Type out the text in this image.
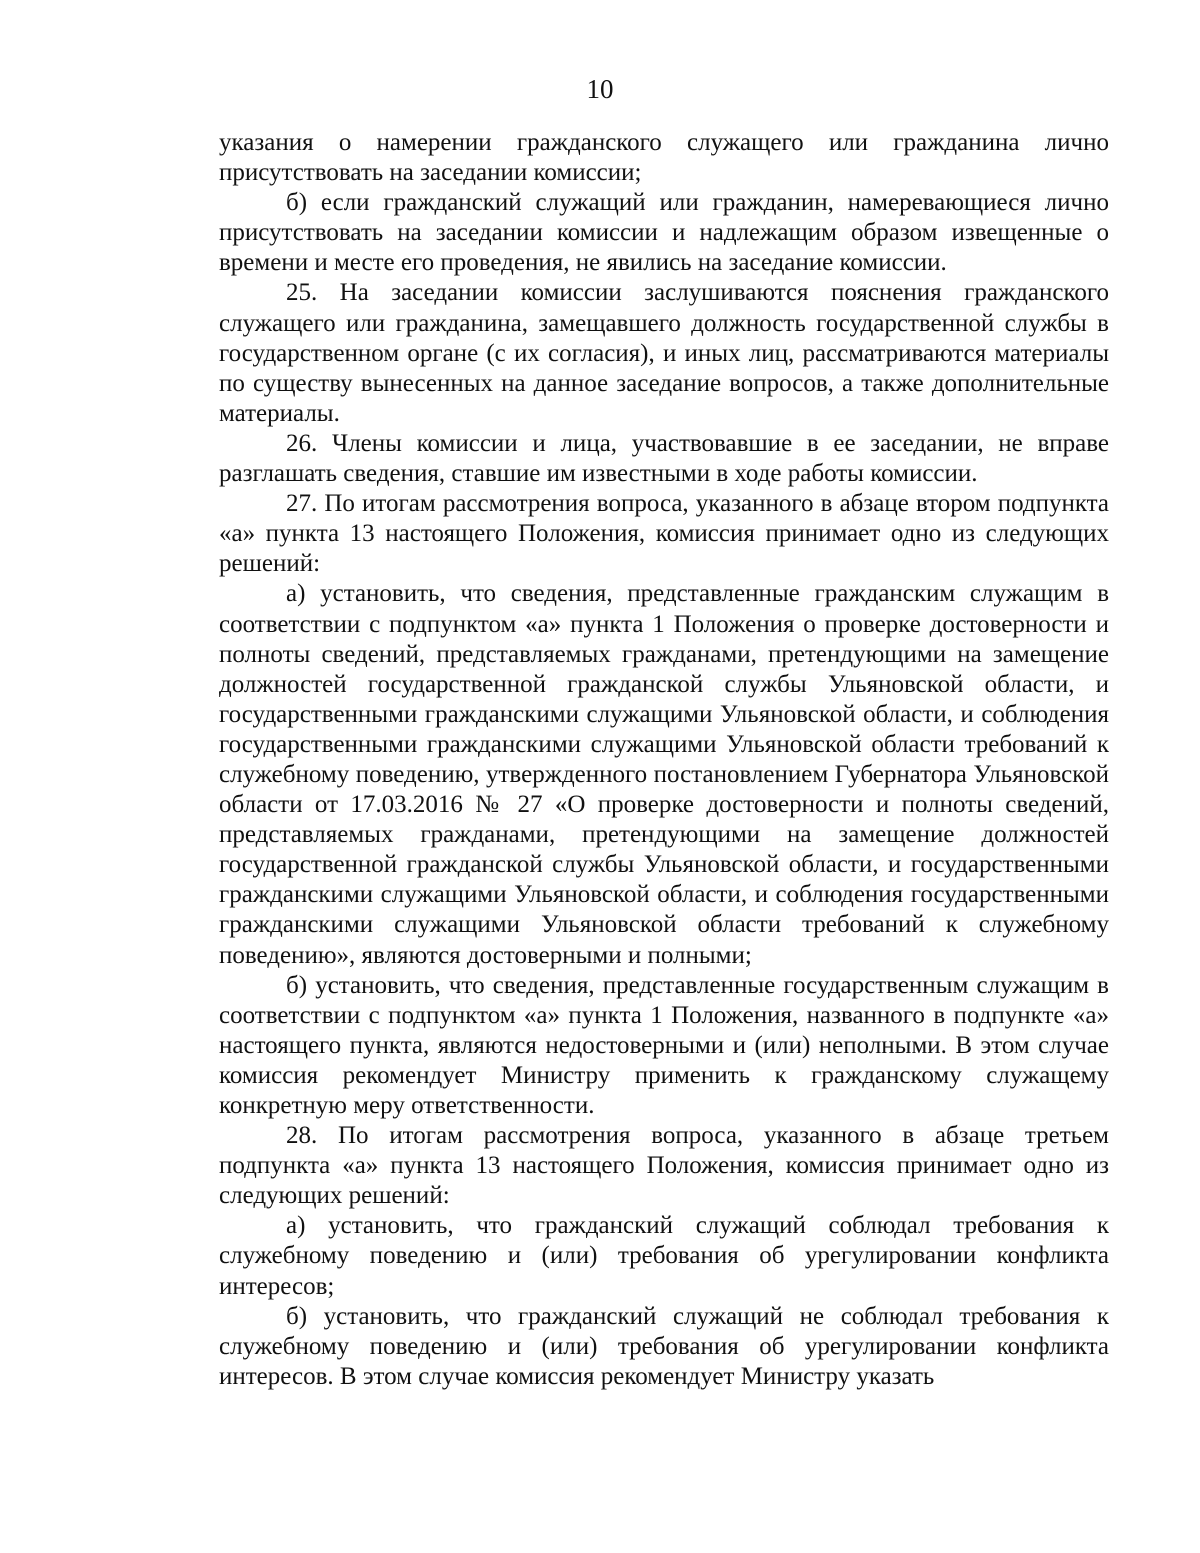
10

указания о намерении гражданского служащего или гражданина лично присутствовать на заседании комиссии;

б) если гражданский служащий или гражданин, намеревающиеся лично присутствовать на заседании комиссии и надлежащим образом извещенные о времени и месте его проведения, не явились на заседание комиссии.

25. На заседании комиссии заслушиваются пояснения гражданского служащего или гражданина, замещавшего должность государственной службы в государственном органе (с их согласия), и иных лиц, рассматриваются материалы по существу вынесенных на данное заседание вопросов, а также дополнительные материалы.

26. Члены комиссии и лица, участвовавшие в ее заседании, не вправе разглашать сведения, ставшие им известными в ходе работы комиссии.

27. По итогам рассмотрения вопроса, указанного в абзаце втором подпункта «а» пункта 13 настоящего Положения, комиссия принимает одно из следующих решений:

а) установить, что сведения, представленные гражданским служащим в соответствии с подпунктом «а» пункта 1 Положения о проверке достоверности и полноты сведений, представляемых гражданами, претендующими на замещение должностей государственной гражданской службы Ульяновской области, и государственными гражданскими служащими Ульяновской области, и соблюдения государственными гражданскими служащими Ульяновской области требований к служебному поведению, утвержденного постановлением Губернатора Ульяновской области от 17.03.2016 № 27 «О проверке достоверности и полноты сведений, представляемых гражданами, претендующими на замещение должностей государственной гражданской службы Ульяновской области, и государственными гражданскими служащими Ульяновской области, и соблюдения государственными гражданскими служащими Ульяновской области требований к служебному поведению», являются достоверными и полными;

б) установить, что сведения, представленные государственным служащим в соответствии с подпунктом «а» пункта 1 Положения, названного в подпункте «а» настоящего пункта, являются недостоверными и (или) неполными. В этом случае комиссия рекомендует Министру применить к гражданскому служащему конкретную меру ответственности.

28. По итогам рассмотрения вопроса, указанного в абзаце третьем подпункта «а» пункта 13 настоящего Положения, комиссия принимает одно из следующих решений:

а) установить, что гражданский служащий соблюдал требования к служебному поведению и (или) требования об урегулировании конфликта интересов;

б) установить, что гражданский служащий не соблюдал требования к служебному поведению и (или) требования об урегулировании конфликта интересов. В этом случае комиссия рекомендует Министру указать
